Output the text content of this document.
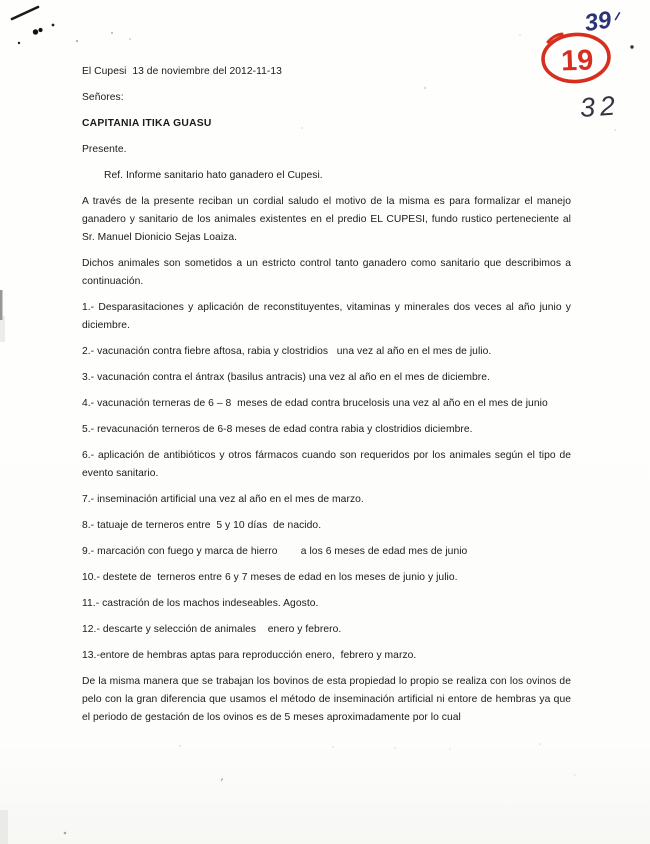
El Cupesi  13 de noviembre del 2012-11-13

Señores:

CAPITANIA ITIKA GUASU

Presente.

Ref. Informe sanitario hato ganadero el Cupesi.

A través de la presente reciban un cordial saludo el motivo de la misma es para formalizar el manejo ganadero y sanitario de los animales existentes en el predio EL CUPESI, fundo rustico perteneciente al Sr. Manuel Dionicio Sejas Loaiza.

Dichos animales son sometidos a un estricto control tanto ganadero como sanitario que describimos a continuación.

1.- Desparasitaciones y aplicación de reconstituyentes, vitaminas y minerales dos veces al año junio y diciembre.

2.- vacunación contra fiebre aftosa, rabia y clostridios   una vez al año en el mes de julio.

3.- vacunación contra el ántrax (basilus antracis) una vez al año en el mes de diciembre.

4.- vacunación terneras de 6 – 8  meses de edad contra brucelosis una vez al año en el mes de junio

5.- revacunación terneros de 6-8 meses de edad contra rabia y clostridios diciembre.

6.- aplicación de antibióticos y otros fármacos cuando son requeridos por los animales según el tipo de evento sanitario.

7.- inseminación artificial una vez al año en el mes de marzo.

8.- tatuaje de terneros entre  5 y 10 días  de nacido.

9.- marcación con fuego y marca de hierro        a los 6 meses de edad mes de junio

10.- destete de  terneros entre 6 y 7 meses de edad en los meses de junio y julio.

11.- castración de los machos indeseables. Agosto.

12.- descarte y selección de animales    enero y febrero.

13.-entore de hembras aptas para reproducción enero,  febrero y marzo.

De la misma manera que se trabajan los bovinos de esta propiedad lo propio se realiza con los ovinos de pelo con la gran diferencia que usamos el método de inseminación artificial ni entore de hembras ya que el periodo de gestación de los ovinos es de 5 meses aproximadamente por lo cual

39
19
32
′
